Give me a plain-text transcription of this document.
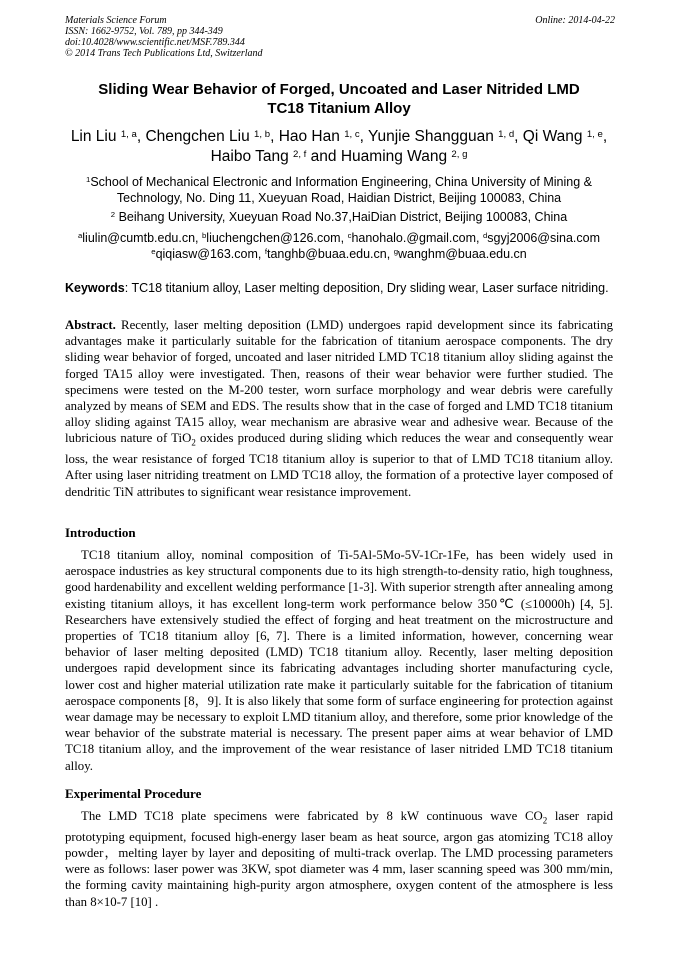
Materials Science Forum
ISSN: 1662-9752, Vol. 789, pp 344-349
doi:10.4028/www.scientific.net/MSF.789.344
© 2014 Trans Tech Publications Ltd, Switzerland
Online: 2014-04-22
Sliding Wear Behavior of Forged, Uncoated and Laser Nitrided LMD
TC18 Titanium Alloy
Lin Liu $^{1, a}$, Chengchen Liu $^{1, b}$, Hao Han $^{1, c}$, Yunjie Shangguan $^{1, d}$, Qi Wang $^{1, e}$,
Haibo Tang $^{2, f}$ and Huaming Wang $^{2, g}$
$^1$School of Mechanical Electronic and Information Engineering, China University of Mining & Technology, No. Ding 11, Xueyuan Road, Haidian District, Beijing 100083, China
$^2$ Beihang University, Xueyuan Road No.37,HaiDian District, Beijing 100083, China
$^a$liulin@cumtb.edu.cn, $^b$liuchengchen@126.com, $^c$hanohalo.@gmail.com, $^d$sgyj2006@sina.com
$^e$qiqiasw@163.com, $^f$tanghb@buaa.edu.cn, $^g$wanghm@buaa.edu.cn
Keywords: TC18 titanium alloy, Laser melting deposition, Dry sliding wear, Laser surface nitriding.
Abstract. Recently, laser melting deposition (LMD) undergoes rapid development since its fabricating advantages make it particularly suitable for the fabrication of titanium aerospace components. The dry sliding wear behavior of forged, uncoated and laser nitrided LMD TC18 titanium alloy sliding against the forged TA15 alloy were investigated. Then, reasons of their wear behavior were further studied. The specimens were tested on the M-200 tester, worn surface morphology and wear debris were carefully analyzed by means of SEM and EDS. The results show that in the case of forged and LMD TC18 titanium alloy sliding against TA15 alloy, wear mechanism are abrasive wear and adhesive wear. Because of the lubricious nature of TiO$_2$ oxides produced during sliding which reduces the wear and consequently wear loss, the wear resistance of forged TC18 titanium alloy is superior to that of LMD TC18 titanium alloy. After using laser nitriding treatment on LMD TC18 alloy, the formation of a protective layer composed of dendritic TiN attributes to significant wear resistance improvement.
Introduction
TC18 titanium alloy, nominal composition of Ti-5Al-5Mo-5V-1Cr-1Fe, has been widely used in aerospace industries as key structural components due to its high strength-to-density ratio, high toughness, good hardenability and excellent welding performance [1-3]. With superior strength after annealing among existing titanium alloys, it has excellent long-term work performance below 350℃ (≤10000h) [4, 5]. Researchers have extensively studied the effect of forging and heat treatment on the microstructure and properties of TC18 titanium alloy [6, 7]. There is a limited information, however, concerning wear behavior of laser melting deposited (LMD) TC18 titanium alloy. Recently, laser melting deposition undergoes rapid development since its fabricating advantages including shorter manufacturing cycle, lower cost and higher material utilization rate make it particularly suitable for the fabrication of titanium aerospace components [8，9]. It is also likely that some form of surface engineering for protection against wear damage may be necessary to exploit LMD titanium alloy, and therefore, some prior knowledge of the wear behavior of the substrate material is necessary. The present paper aims at wear behavior of LMD TC18 titanium alloy, and the improvement of the wear resistance of laser nitrided LMD TC18 titanium alloy.
Experimental Procedure
The LMD TC18 plate specimens were fabricated by 8 kW continuous wave $CO_2$ laser rapid prototyping equipment, focused high-energy laser beam as heat source, argon gas atomizing TC18 alloy powder，melting layer by layer and depositing of multi-track overlap. The LMD processing parameters were as follows: laser power was 3KW, spot diameter was 4 mm, laser scanning speed was 300 mm/min, the forming cavity maintaining high-purity argon atmosphere, oxygen content of the atmosphere is less than 8×10-7 [10] .
